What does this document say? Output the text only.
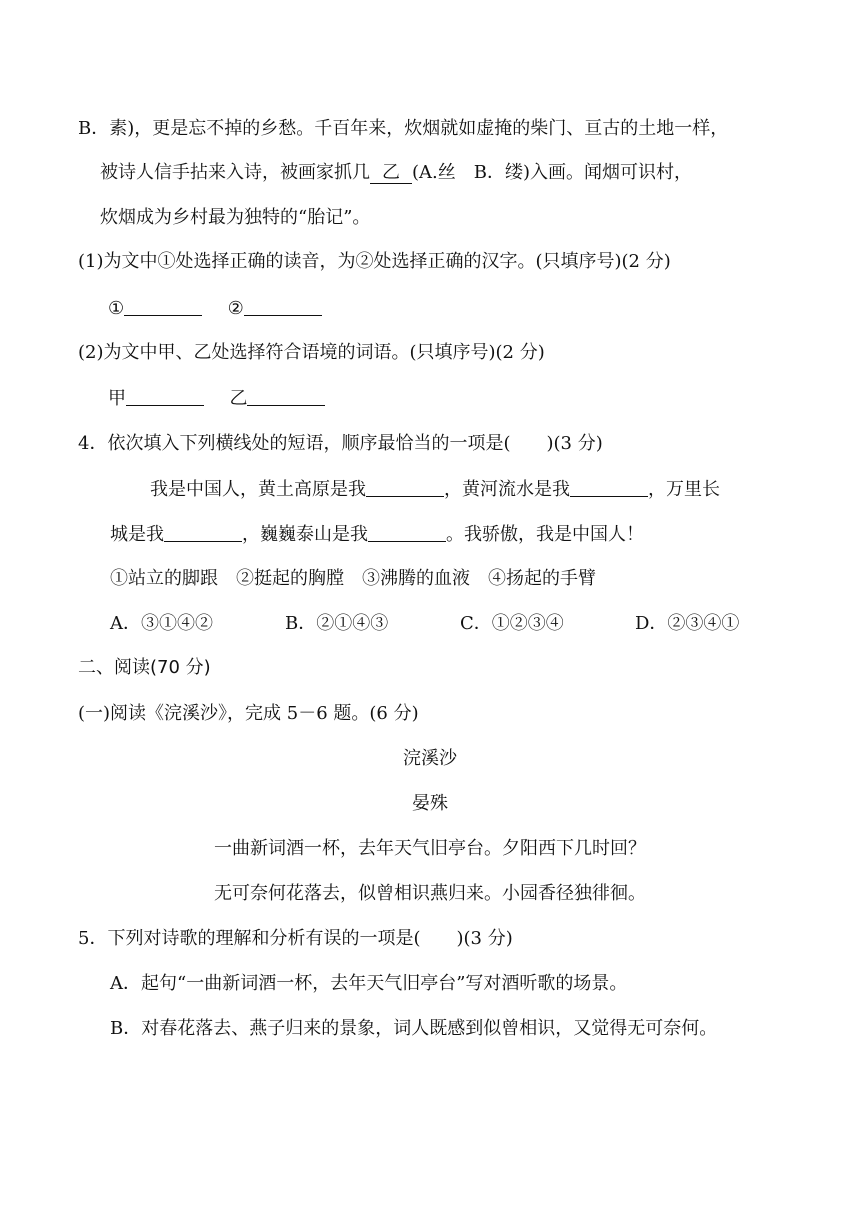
B．素)，更是忘不掉的乡愁。千百年来，炊烟就如虚掩的柴门、亘古的土地一样，
被诗人信手拈来入诗，被画家抓几 乙 (A.丝　B．缕)入画。闻烟可识村，
炊烟成为乡村最为独特的“胎记”。
(1)为文中①处选择正确的读音，为②处选择正确的汉字。(只填序号)(2 分)
①	②
(2)为文中甲、乙处选择符合语境的词语。(只填序号)(2 分)
甲	乙
4．依次填入下列横线处的短语，顺序最恰当的一项是(　　)(3 分)
我是中国人，黄土高原是我	，黄河流水是我	，万里长
城是我	，巍巍泰山是我	。我骄傲，我是中国人！
①站立的脚跟　②挺起的胸膛　③沸腾的血液　④扬起的手臂
A．③①④②	B．②①④③	C．①②③④	D．②③④①
二、阅读(70 分)
(一)阅读《浣溪沙》，完成 5－6 题。(6 分)
浣溪沙
晏殊
一曲新词酒一杯，去年天气旧亭台。夕阳西下几时回？
无可奈何花落去，似曾相识燕归来。小园香径独徘徊。
5．下列对诗歌的理解和分析有误的一项是(　　)(3 分)
A．起句“一曲新词酒一杯，去年天气旧亭台”写对酒听歌的场景。
B．对春花落去、燕子归来的景象，词人既感到似曾相识，又觉得无可奈何。
